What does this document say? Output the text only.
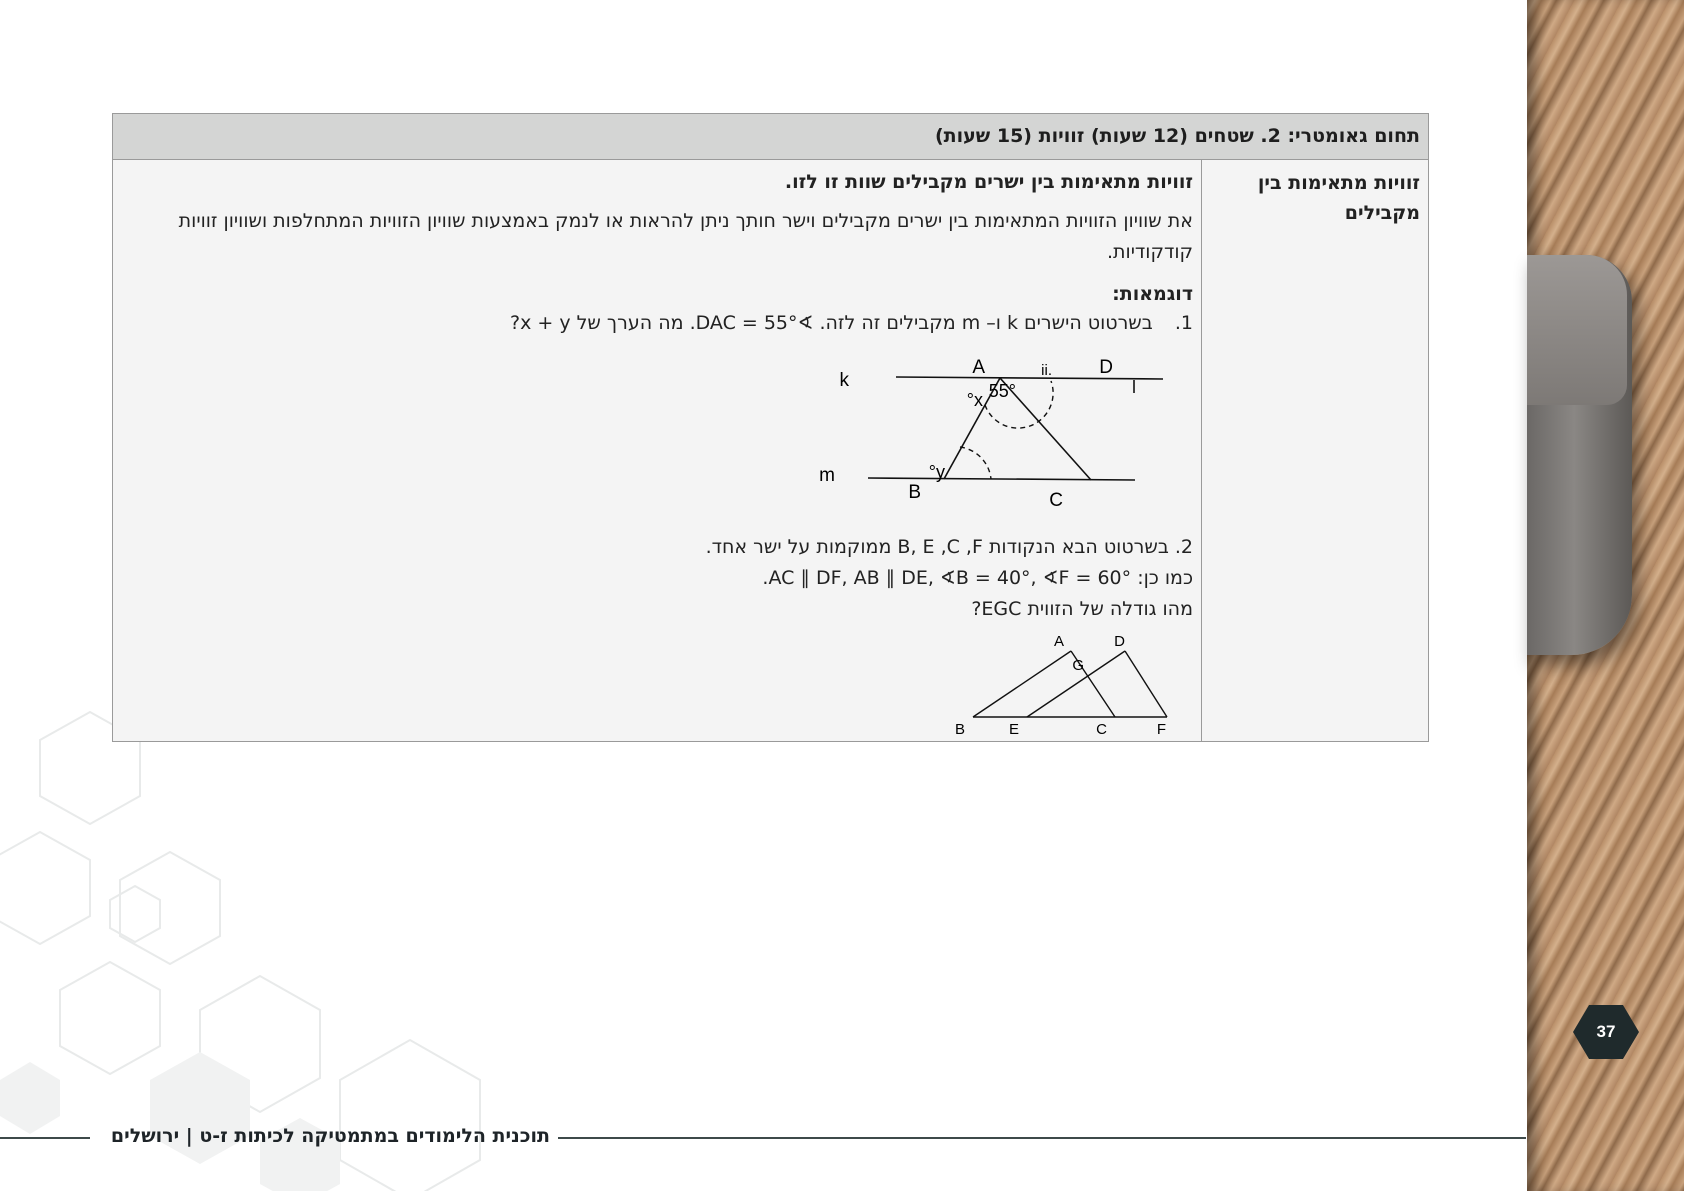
37
תחום גאומטרי: 2. שטחים (12 שעות) זוויות (15 שעות)
זוויות מתאימות בין מקבילים
זוויות מתאימות בין ישרים מקבילים שוות זו לזו.
את שוויון הזוויות המתאימות בין ישרים מקבילים וישר חותך ניתן להראות או לנמק באמצעות שוויון הזוויות המתחלפות ושוויון זוויות קודקודיות.
דוגמאות:
1.  בשרטוט הישרים k ו– m מקבילים זה לזה. ∢DAC = 55°. מה הערך של x + y?
k
m
A	D
.ii
B	C
x° 55°
y°
2. בשרטוט הבא הנקודות B, E ,C ,F ממוקמות על ישר אחד.
כמו כן: AC ∥ DF, AB ∥ DE, ∢B = 40°, ∢F = 60°.
מהו גודלה של הזווית EGC?
A	D
G
B	E	C	F
תוכנית הלימודים במתמטיקה לכיתות ז-ט | ירושלים
